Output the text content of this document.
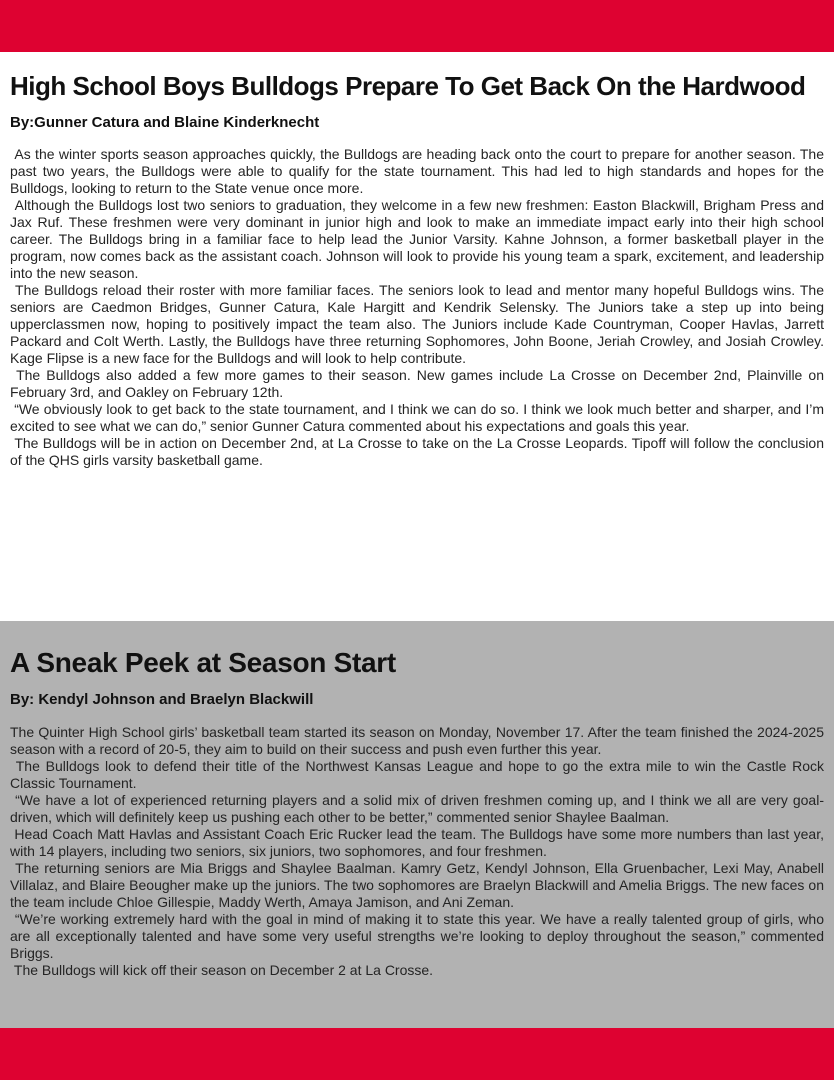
High School Boys Bulldogs Prepare To Get Back On the Hardwood
By:Gunner Catura and Blaine Kinderknecht

As the winter sports season approaches quickly, the Bulldogs are heading back onto the court to prepare for another season. The past two years, the Bulldogs were able to qualify for the state tournament. This had led to high standards and hopes for the Bulldogs, looking to return to the State venue once more.

Although the Bulldogs lost two seniors to graduation, they welcome in a few new freshmen: Easton Blackwill, Brigham Press and Jax Ruf. These freshmen were very dominant in junior high and look to make an immediate impact early into their high school career. The Bulldogs bring in a familiar face to help lead the Junior Varsity. Kahne Johnson, a former basketball player in the program, now comes back as the assistant coach. Johnson will look to provide his young team a spark, excitement, and leadership into the new season.

The Bulldogs reload their roster with more familiar faces. The seniors look to lead and mentor many hopeful Bulldogs wins. The seniors are Caedmon Bridges, Gunner Catura, Kale Hargitt and Kendrik Selensky. The Juniors take a step up into being upperclassmen now, hoping to positively impact the team also. The Juniors include Kade Countryman, Cooper Havlas, Jarrett Packard and Colt Werth. Lastly, the Bulldogs have three returning Sophomores, John Boone, Jeriah Crowley, and Josiah Crowley. Kage Flipse is a new face for the Bulldogs and will look to help contribute.

The Bulldogs also added a few more games to their season. New games include La Crosse on December 2nd, Plainville on February 3rd, and Oakley on February 12th.

“We obviously look to get back to the state tournament, and I think we can do so. I think we look much better and sharper, and I’m excited to see what we can do,” senior Gunner Catura commented about his expectations and goals this year.

The Bulldogs will be in action on December 2nd, at La Crosse to take on the La Crosse Leopards. Tipoff will follow the conclusion of the QHS girls varsity basketball game.

A Sneak Peek at Season Start
By: Kendyl Johnson and Braelyn Blackwill

The Quinter High School girls’ basketball team started its season on Monday, November 17. After the team finished the 2024-2025 season with a record of 20-5, they aim to build on their success and push even further this year.

The Bulldogs look to defend their title of the Northwest Kansas League and hope to go the extra mile to win the Castle Rock Classic Tournament.

“We have a lot of experienced returning players and a solid mix of driven freshmen coming up, and I think we all are very goal-driven, which will definitely keep us pushing each other to be better,” commented senior Shaylee Baalman.

Head Coach Matt Havlas and Assistant Coach Eric Rucker lead the team. The Bulldogs have some more numbers than last year, with 14 players, including two seniors, six juniors, two sophomores, and four freshmen.

The returning seniors are Mia Briggs and Shaylee Baalman. Kamry Getz, Kendyl Johnson, Ella Gruenbacher, Lexi May, Anabell Villalaz, and Blaire Beougher make up the juniors. The two sophomores are Braelyn Blackwill and Amelia Briggs. The new faces on the team include Chloe Gillespie, Maddy Werth, Amaya Jamison, and Ani Zeman.

“We’re working extremely hard with the goal in mind of making it to state this year. We have a really talented group of girls, who are all exceptionally talented and have some very useful strengths we’re looking to deploy throughout the season,” commented Briggs.

The Bulldogs will kick off their season on December 2 at La Crosse.
